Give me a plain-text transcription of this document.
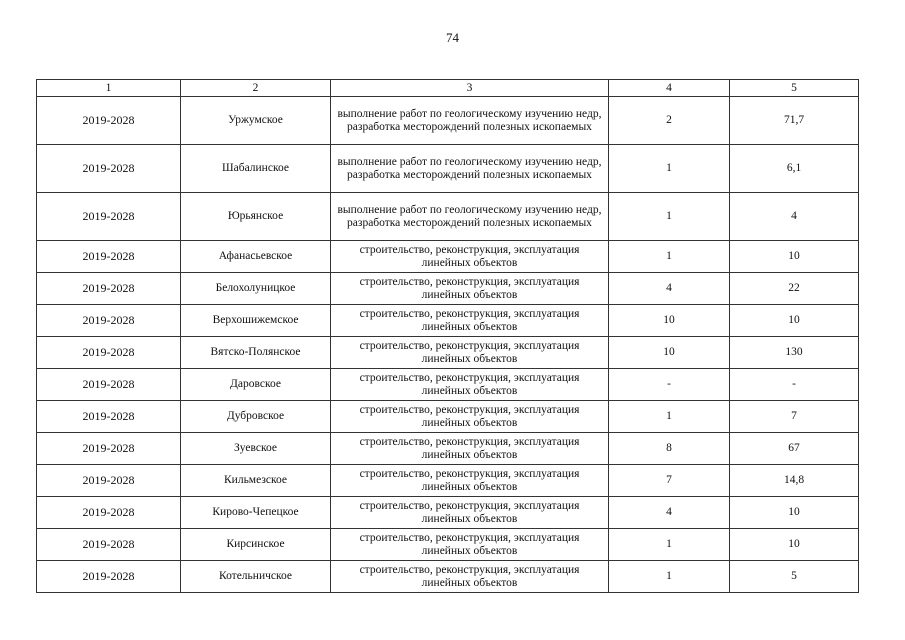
74
1	2	3	4	5
2019-2028	Уржумское	выполнение работ по геологическому изучению недр, разработка месторождений полезных ископаемых	2	71,7
2019-2028	Шабалинское	выполнение работ по геологическому изучению недр, разработка месторождений полезных ископаемых	1	6,1
2019-2028	Юрьянское	выполнение работ по геологическому изучению недр, разработка месторождений полезных ископаемых	1	4
2019-2028	Афанасьевское	строительство, реконструкция, эксплуатация линейных объектов	1	10
2019-2028	Белохолуницкое	строительство, реконструкция, эксплуатация линейных объектов	4	22
2019-2028	Верхошижемское	строительство, реконструкция, эксплуатация линейных объектов	10	10
2019-2028	Вятско-Полянское	строительство, реконструкция, эксплуатация линейных объектов	10	130
2019-2028	Даровское	строительство, реконструкция, эксплуатация линейных объектов	-	-
2019-2028	Дубровское	строительство, реконструкция, эксплуатация линейных объектов	1	7
2019-2028	Зуевское	строительство, реконструкция, эксплуатация линейных объектов	8	67
2019-2028	Кильмезское	строительство, реконструкция, эксплуатация линейных объектов	7	14,8
2019-2028	Кирово-Чепецкое	строительство, реконструкция, эксплуатация линейных объектов	4	10
2019-2028	Кирсинское	строительство, реконструкция, эксплуатация линейных объектов	1	10
2019-2028	Котельничское	строительство, реконструкция, эксплуатация линейных объектов	1	5
